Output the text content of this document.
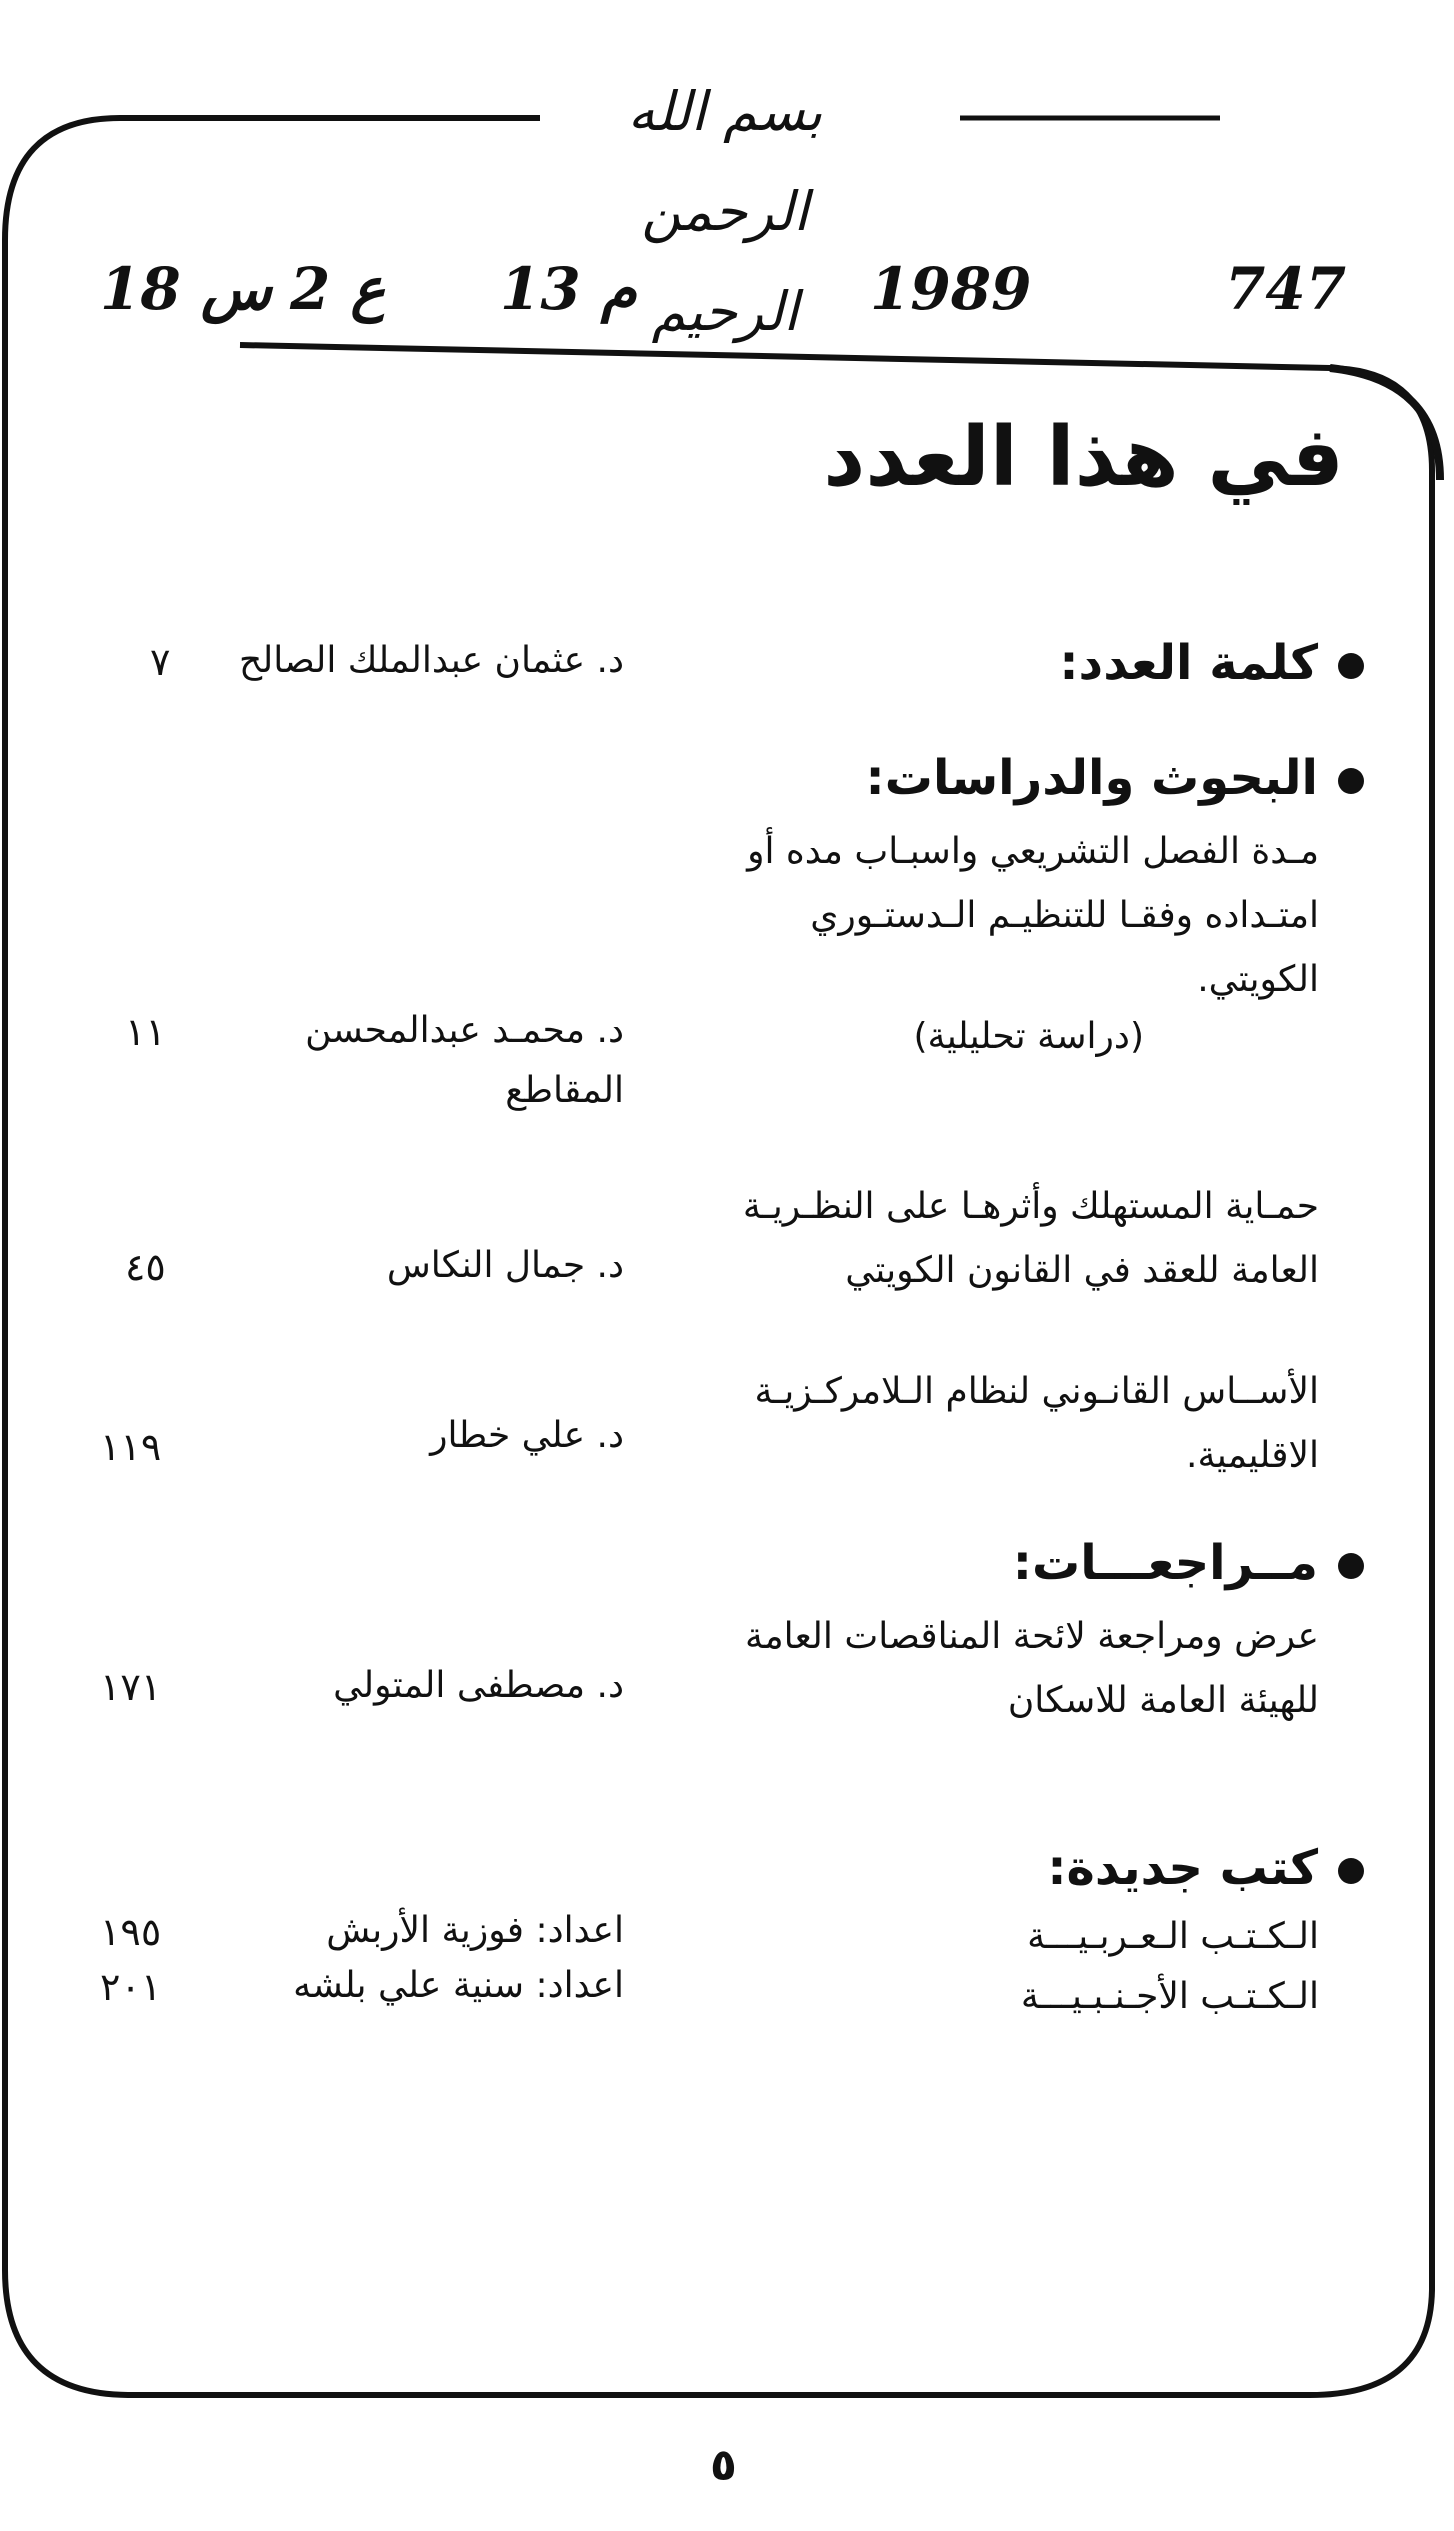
بسم الله الرحمن الرحيم	747
1989
م 13
ع 2
س 18
في هذا العدد
كلمة العدد:
د. عثمان عبدالملك الصالح
٧
البحوث والدراسات:
مـدة الفصل التشريعي واسبـاب مده أو
امتـداده وفقـا للتنظيـم الـدستـوري
الكويتي.
(دراسة تحليلية)
د. محمـد عبدالمحسن
المقاطع
١١
حمـاية المستهلك وأثرهـا على النظـريـة
العامة للعقد في القانون الكويتي
د. جمال النكاس
٤٥
الأســاس القانـوني لنظام الـلامركـزيـة
الاقليمية.
د. علي خطار
١١٩
مــراجعـــات:
عرض ومراجعة لائحة المناقصات العامة
للهيئة العامة للاسكان
د. مصطفى المتولي
١٧١
كتب جديدة:
الـكـتـب الـعـربـيـــة
اعداد: فوزية الأربش
١٩٥
الـكـتـب الأجـنـبـيـــة
اعداد: سنية علي بلشه
٢٠١
٥
